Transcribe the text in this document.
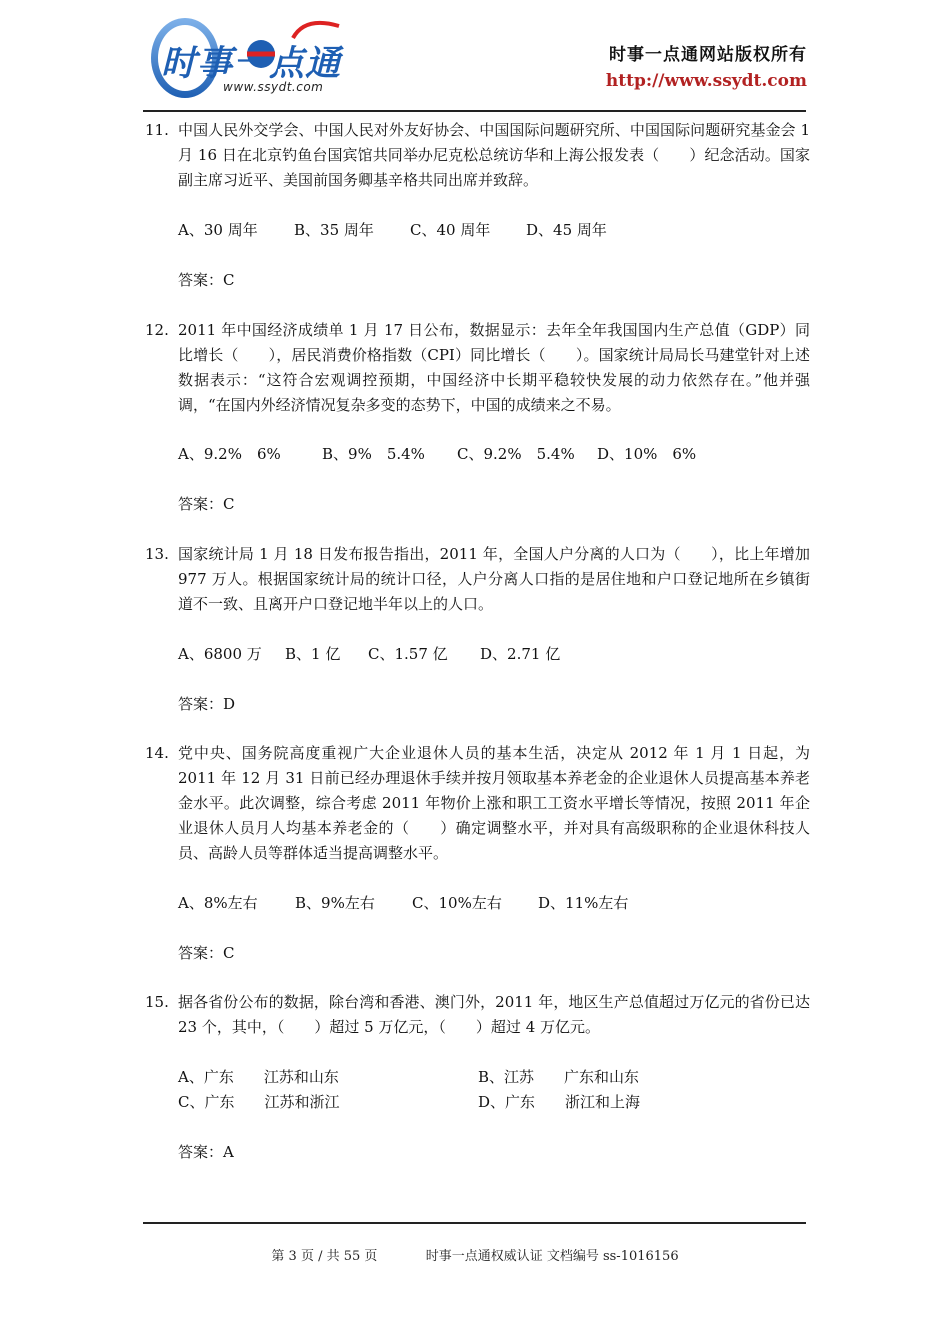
时事一点通
www.ssydt.com
时事一点通网站版权所有
http://www.ssydt.com
11. 中国人民外交学会、中国人民对外友好协会、中国国际问题研究所、中国国际问题研究基金会 1 月 16 日在北京钓鱼台国宾馆共同举办尼克松总统访华和上海公报发表（　　）纪念活动。国家副主席习近平、美国前国务卿基辛格共同出席并致辞。
A、30 周年 B、35 周年 C、40 周年 D、45 周年
答案：C
12. 2011 年中国经济成绩单 1 月 17 日公布，数据显示：去年全年我国国内生产总值（GDP）同比增长（　　），居民消费价格指数（CPI）同比增长（　　）。国家统计局局长马建堂针对上述数据表示：“这符合宏观调控预期，中国经济中长期平稳较快发展的动力依然存在。”他并强调，“在国内外经济情况复杂多变的态势下，中国的成绩来之不易。
A、9.2%　6%	B、9%　5.4% C、9.2%　5.4% D、10%　6%
答案：C
13. 国家统计局 1 月 18 日发布报告指出，2011 年，全国人户分离的人口为（　　），比上年增加 977 万人。根据国家统计局的统计口径，人户分离人口指的是居住地和户口登记地所在乡镇街道不一致、且离开户口登记地半年以上的人口。
A、6800 万 B、1 亿 C、1.57 亿 D、2.71 亿
答案：D
14. 党中央、国务院高度重视广大企业退休人员的基本生活，决定从 2012 年 1 月 1 日起，为 2011 年 12 月 31 日前已经办理退休手续并按月领取基本养老金的企业退休人员提高基本养老金水平。此次调整，综合考虑 2011 年物价上涨和职工工资水平增长等情况，按照 2011 年企业退休人员月人均基本养老金的（　　）确定调整水平，并对具有高级职称的企业退休科技人员、高龄人员等群体适当提高调整水平。
A、8%左右 B、9%左右 C、10%左右 D、11%左右
答案：C
15. 据各省份公布的数据，除台湾和香港、澳门外，2011 年，地区生产总值超过万亿元的省份已达 23 个，其中，（　　）超过 5 万亿元，（　　）超过 4 万亿元。
A、广东　　江苏和山东	B、江苏　　广东和山东
C、广东　　江苏和浙江	D、广东　　浙江和上海
答案：A
第 3 页 / 共 55 页	时事一点通权威认证 文档编号 ss-1016156
